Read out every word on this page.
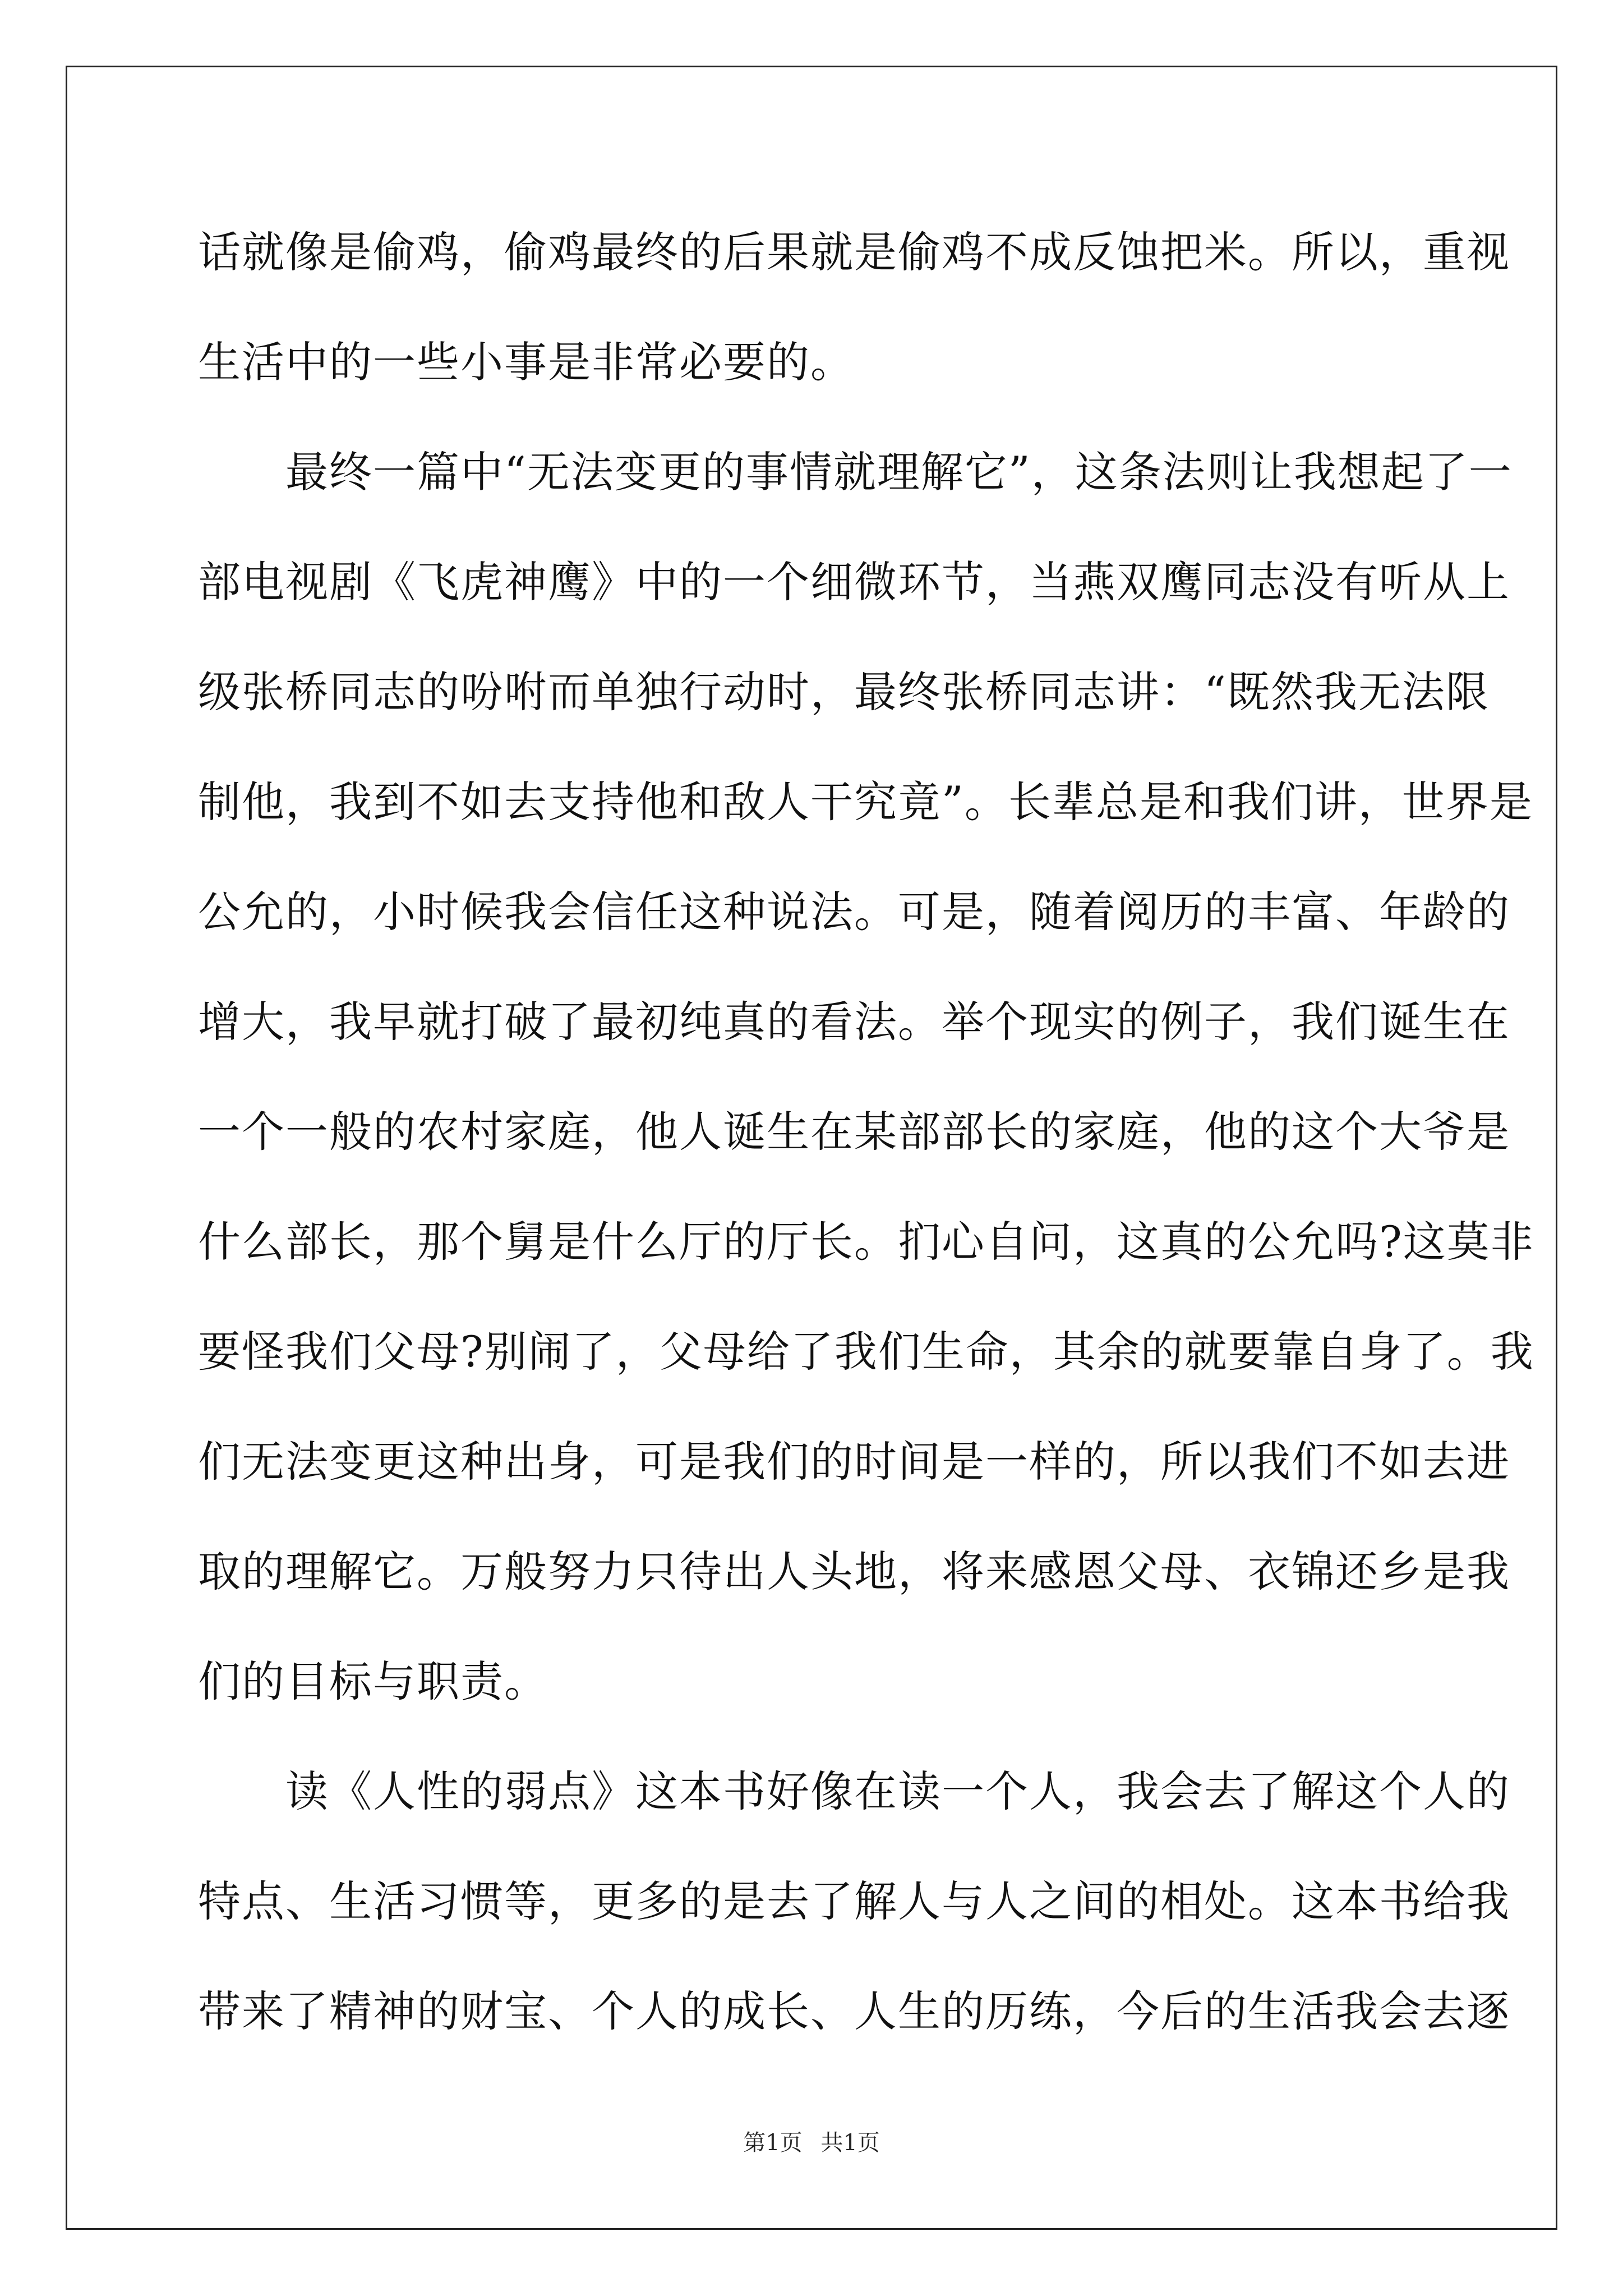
话就像是偷鸡，偷鸡最终的后果就是偷鸡不成反蚀把米。所以，重视
生活中的一些小事是非常必要的。
　　最终一篇中“无法变更的事情就理解它”，这条法则让我想起了一
部电视剧《飞虎神鹰》中的一个细微环节，当燕双鹰同志没有听从上
级张桥同志的吩咐而单独行动时，最终张桥同志讲：“既然我无法限
制他，我到不如去支持他和敌人干究竟”。长辈总是和我们讲，世界是
公允的，小时候我会信任这种说法。可是，随着阅历的丰富、年龄的
增大，我早就打破了最初纯真的看法。举个现实的例子，我们诞生在
一个一般的农村家庭，他人诞生在某部部长的家庭，他的这个大爷是
什么部长，那个舅是什么厅的厅长。扪心自问，这真的公允吗?这莫非
要怪我们父母?别闹了，父母给了我们生命，其余的就要靠自身了。我
们无法变更这种出身，可是我们的时间是一样的，所以我们不如去进
取的理解它。万般努力只待出人头地，将来感恩父母、衣锦还乡是我
们的目标与职责。
　　读《人性的弱点》这本书好像在读一个人，我会去了解这个人的
特点、生活习惯等，更多的是去了解人与人之间的相处。这本书给我
带来了精神的财宝、个人的成长、人生的历练，今后的生活我会去逐
第1页 共1页
